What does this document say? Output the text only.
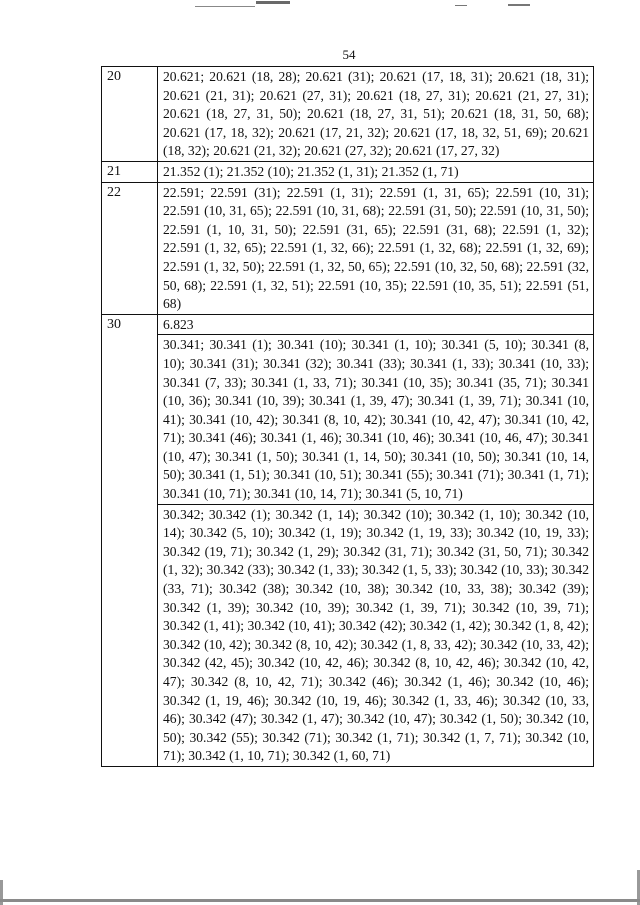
54
20	20.621; 20.621 (18, 28); 20.621 (31); 20.621 (17, 18, 31); 20.621 (18, 31); 20.621 (21, 31); 20.621 (27, 31); 20.621 (18, 27, 31); 20.621 (21, 27, 31); 20.621 (18, 27, 31, 50); 20.621 (18, 27, 31, 51); 20.621 (18, 31, 50, 68); 20.621 (17, 18, 32); 20.621 (17, 21, 32); 20.621 (17, 18, 32, 51, 69); 20.621 (18, 32); 20.621 (21, 32); 20.621 (27, 32); 20.621 (17, 27, 32)
21	21.352 (1); 21.352 (10); 21.352 (1, 31); 21.352 (1, 71)
22	22.591; 22.591 (31); 22.591 (1, 31); 22.591 (1, 31, 65); 22.591 (10, 31); 22.591 (10, 31, 65); 22.591 (10, 31, 68); 22.591 (31, 50); 22.591 (10, 31, 50); 22.591 (1, 10, 31, 50); 22.591 (31, 65); 22.591 (31, 68); 22.591 (1, 32); 22.591 (1, 32, 65); 22.591 (1, 32, 66); 22.591 (1, 32, 68); 22.591 (1, 32, 69); 22.591 (1, 32, 50); 22.591 (1, 32, 50, 65); 22.591 (10, 32, 50, 68); 22.591 (32, 50, 68); 22.591 (1, 32, 51); 22.591 (10, 35); 22.591 (10, 35, 51); 22.591 (51, 68)
30	6.823
	30.341; 30.341 (1); 30.341 (10); 30.341 (1, 10); 30.341 (5, 10); 30.341 (8, 10); 30.341 (31); 30.341 (32); 30.341 (33); 30.341 (1, 33); 30.341 (10, 33); 30.341 (7, 33); 30.341 (1, 33, 71); 30.341 (10, 35); 30.341 (35, 71); 30.341 (10, 36); 30.341 (10, 39); 30.341 (1, 39, 47); 30.341 (1, 39, 71); 30.341 (10, 41); 30.341 (10, 42); 30.341 (8, 10, 42); 30.341 (10, 42, 47); 30.341 (10, 42, 71); 30.341 (46); 30.341 (1, 46); 30.341 (10, 46); 30.341 (10, 46, 47); 30.341 (10, 47); 30.341 (1, 50); 30.341 (1, 14, 50); 30.341 (10, 50); 30.341 (10, 14, 50); 30.341 (1, 51); 30.341 (10, 51); 30.341 (55); 30.341 (71); 30.341 (1, 71); 30.341 (10, 71); 30.341 (10, 14, 71); 30.341 (5, 10, 71)
	30.342; 30.342 (1); 30.342 (1, 14); 30.342 (10); 30.342 (1, 10); 30.342 (10, 14); 30.342 (5, 10); 30.342 (1, 19); 30.342 (1, 19, 33); 30.342 (10, 19, 33); 30.342 (19, 71); 30.342 (1, 29); 30.342 (31, 71); 30.342 (31, 50, 71); 30.342 (1, 32); 30.342 (33); 30.342 (1, 33); 30.342 (1, 5, 33); 30.342 (10, 33); 30.342 (33, 71); 30.342 (38); 30.342 (10, 38); 30.342 (10, 33, 38); 30.342 (39); 30.342 (1, 39); 30.342 (10, 39); 30.342 (1, 39, 71); 30.342 (10, 39, 71); 30.342 (1, 41); 30.342 (10, 41); 30.342 (42); 30.342 (1, 42); 30.342 (1, 8, 42); 30.342 (10, 42); 30.342 (8, 10, 42); 30.342 (1, 8, 33, 42); 30.342 (10, 33, 42); 30.342 (42, 45); 30.342 (10, 42, 46); 30.342 (8, 10, 42, 46); 30.342 (10, 42, 47); 30.342 (8, 10, 42, 71); 30.342 (46); 30.342 (1, 46); 30.342 (10, 46); 30.342 (1, 19, 46); 30.342 (10, 19, 46); 30.342 (1, 33, 46); 30.342 (10, 33, 46); 30.342 (47); 30.342 (1, 47); 30.342 (10, 47); 30.342 (1, 50); 30.342 (10, 50); 30.342 (55); 30.342 (71); 30.342 (1, 71); 30.342 (1, 7, 71); 30.342 (10, 71); 30.342 (1, 10, 71); 30.342 (1, 60, 71)
